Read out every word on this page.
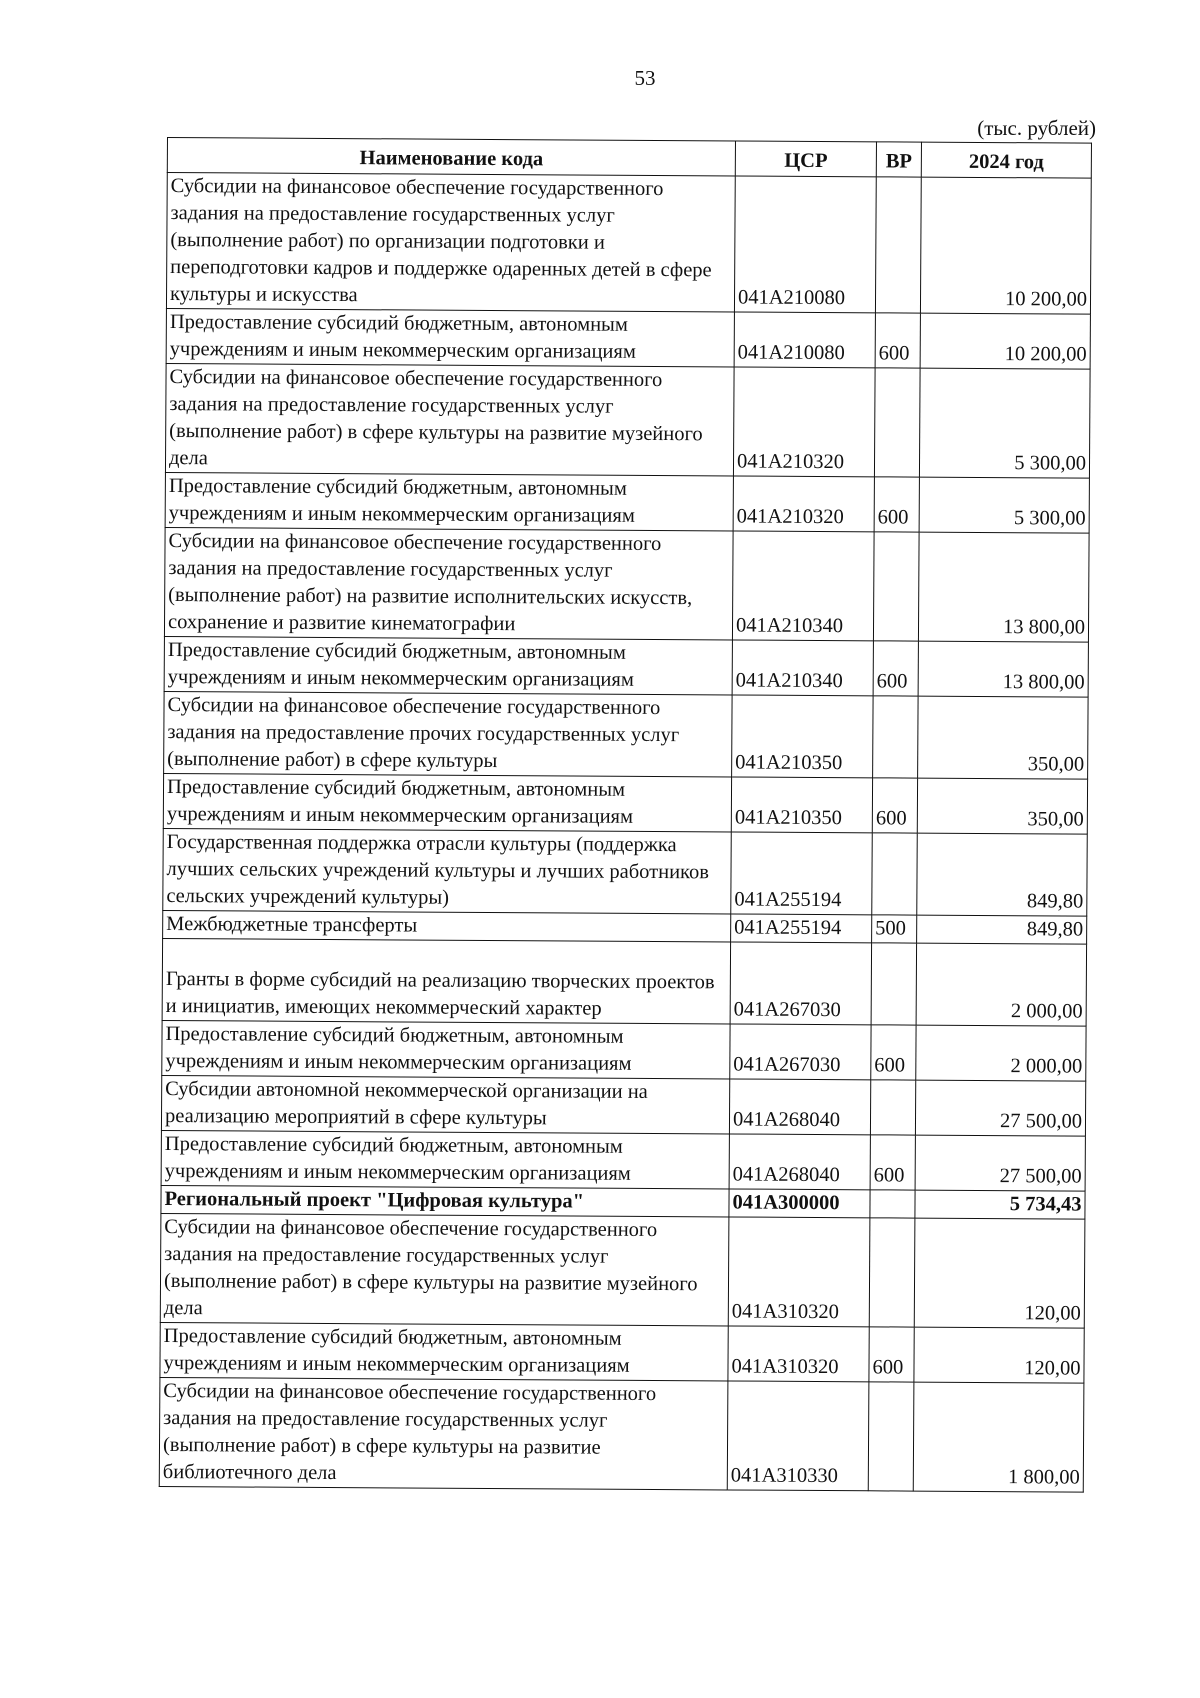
53
(тыс. рублей)
Наименование кода	ЦСР	ВР	2024 год
Субсидии на финансовое обеспечение государственного задания на предоставление государственных услуг (выполнение работ) по организации подготовки и переподготовки кадров и поддержке одаренных детей в сфере культуры и искусства	041A210080		10 200,00
Предоставление субсидий бюджетным, автономным учреждениям и иным некоммерческим организациям	041A210080	600	10 200,00
Субсидии на финансовое обеспечение государственного задания на предоставление государственных услуг (выполнение работ) в сфере культуры на развитие музейного дела	041A210320		5 300,00
Предоставление субсидий бюджетным, автономным учреждениям и иным некоммерческим организациям	041A210320	600	5 300,00
Субсидии на финансовое обеспечение государственного задания на предоставление государственных услуг (выполнение работ) на развитие исполнительских искусств, сохранение и развитие кинематографии	041A210340		13 800,00
Предоставление субсидий бюджетным, автономным учреждениям и иным некоммерческим организациям	041A210340	600	13 800,00
Субсидии на финансовое обеспечение государственного задания на предоставление прочих государственных услуг (выполнение работ) в сфере культуры	041A210350		350,00
Предоставление субсидий бюджетным, автономным учреждениям и иным некоммерческим организациям	041A210350	600	350,00
Государственная поддержка отрасли культуры (поддержка лучших сельских учреждений культуры и лучших работников сельских учреждений культуры)	041A255194		849,80
Межбюджетные трансферты	041A255194	500	849,80
Гранты в форме субсидий на реализацию творческих проектов и инициатив, имеющих некоммерческий характер	041A267030		2 000,00
Предоставление субсидий бюджетным, автономным учреждениям и иным некоммерческим организациям	041A267030	600	2 000,00
Субсидии автономной некоммерческой организации на реализацию мероприятий в сфере культуры	041A268040		27 500,00
Предоставление субсидий бюджетным, автономным учреждениям и иным некоммерческим организациям	041A268040	600	27 500,00
Региональный проект "Цифровая культура"	041A300000		5 734,43
Субсидии на финансовое обеспечение государственного задания на предоставление государственных услуг (выполнение работ) в сфере культуры на развитие музейного дела	041A310320		120,00
Предоставление субсидий бюджетным, автономным учреждениям и иным некоммерческим организациям	041A310320	600	120,00
Субсидии на финансовое обеспечение государственного задания на предоставление государственных услуг (выполнение работ) в сфере культуры на развитие библиотечного дела	041A310330		1 800,00
